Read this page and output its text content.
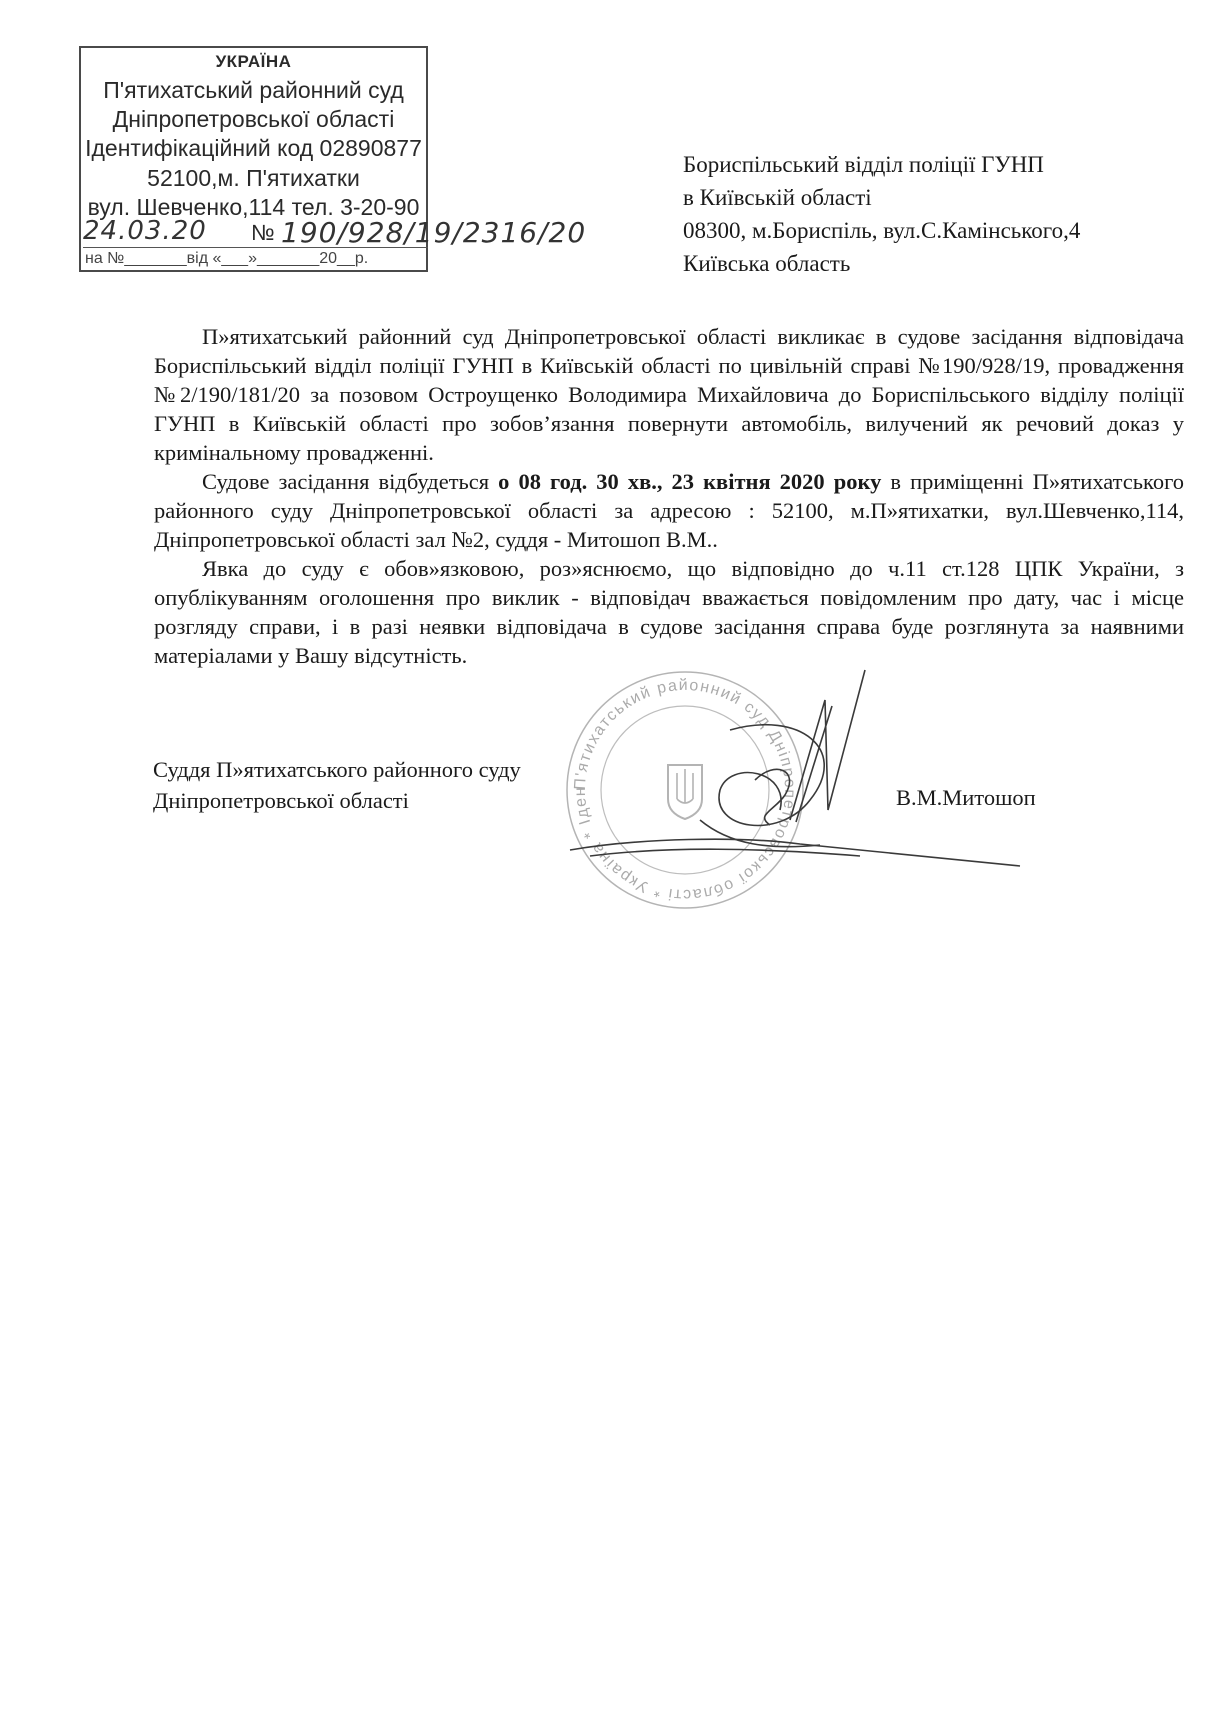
УКРАЇНА
П'ятихатський районний суд
Дніпропетровської області
Ідентифікаційний код 02890877
52100,м. П'ятихатки
вул. Шевченко,114 тел. 3-20-90
24.03.20 № 190/928/19/2316/20
на №_______від «___»_______20__р.
Бориспільський відділ поліції ГУНП
в Київській області
08300, м.Бориспіль, вул.С.Камінського,4
Київська область

П»ятихатський районний суд Дніпропетровської області викликає в судове засідання відповідача Бориспільський відділ поліції ГУНП в Київській області по цивільній справі №190/928/19, провадження №2/190/181/20 за позовом Остроущенко Володимира Михайловича до Бориспільського відділу поліції ГУНП в Київській області про зобов’язання повернути автомобіль, вилучений як речовий доказ у кримінальному провадженні.

Судове засідання відбудеться о 08 год. 30 хв., 23 квітня 2020 року в приміщенні П»ятихатського районного суду Дніпропетровської області за адресою : 52100, м.П»ятихатки, вул.Шевченко,114, Дніпропетровської області зал №2, суддя - Митошоп В.М..

Явка до суду є обов»язковою, роз»яснюємо, що відповідно до ч.11 ст.128 ЦПК України, з опублікуванням оголошення про виклик - відповідач вважається повідомленим про дату, час і місце розгляду справи, і в разі неявки відповідача в судове засідання справа буде розглянута за наявними матеріалами у Вашу відсутність.

Суддя П»ятихатського районного суду
Дніпропетровської області	В.М.Митошоп
П'ятихатський районний суд Дніпропетровської області * Україна * Ідентифікаційний код 02890877 *
